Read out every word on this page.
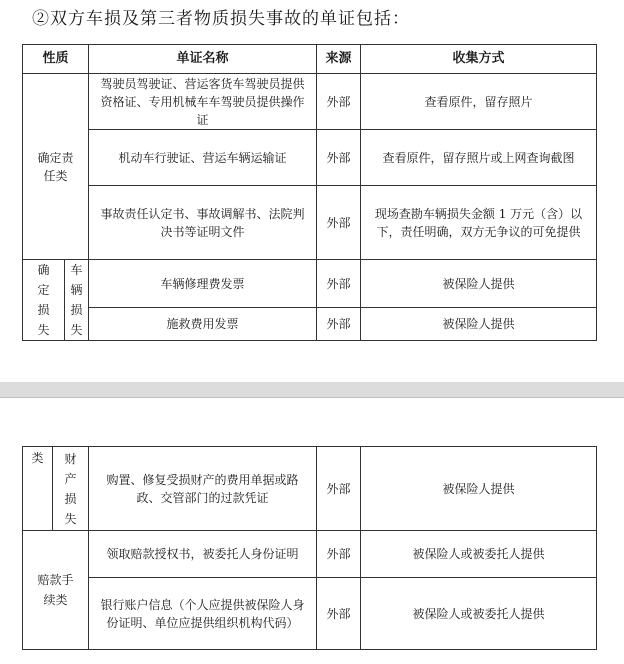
②双方车损及第三者物质损失事故的单证包括：
性质		单证名称	来源	收集方式
确定责任类		驾驶员驾驶证、营运客货车驾驶员提供资格证、专用机械车车驾驶员提供操作证	外部	查看原件，留存照片

		机动车行驶证、营运车辆运输证	外部	查看原件，留存照片或上网查询截图

		事故责任认定书、事故调解书、法院判决书等证明文件	外部	现场查勘车辆损失金额 1 万元（含）以下，责任明确，双方无争议的可免提供

确定损失	车辆损失	车辆修理费发票	外部	被保险人提供

		施救费用发票	外部	被保险人提供
类	财产损失	购置、修复受损财产的费用单据或路政、交管部门的过款凭证	外部	被保险人提供

赔款手续类		领取赔款授权书，被委托人身份证明	外部	被保险人或被委托人提供

		银行账户信息（个人应提供被保险人身份证明、单位应提供组织机构代码）	外部	被保险人或被委托人提供
